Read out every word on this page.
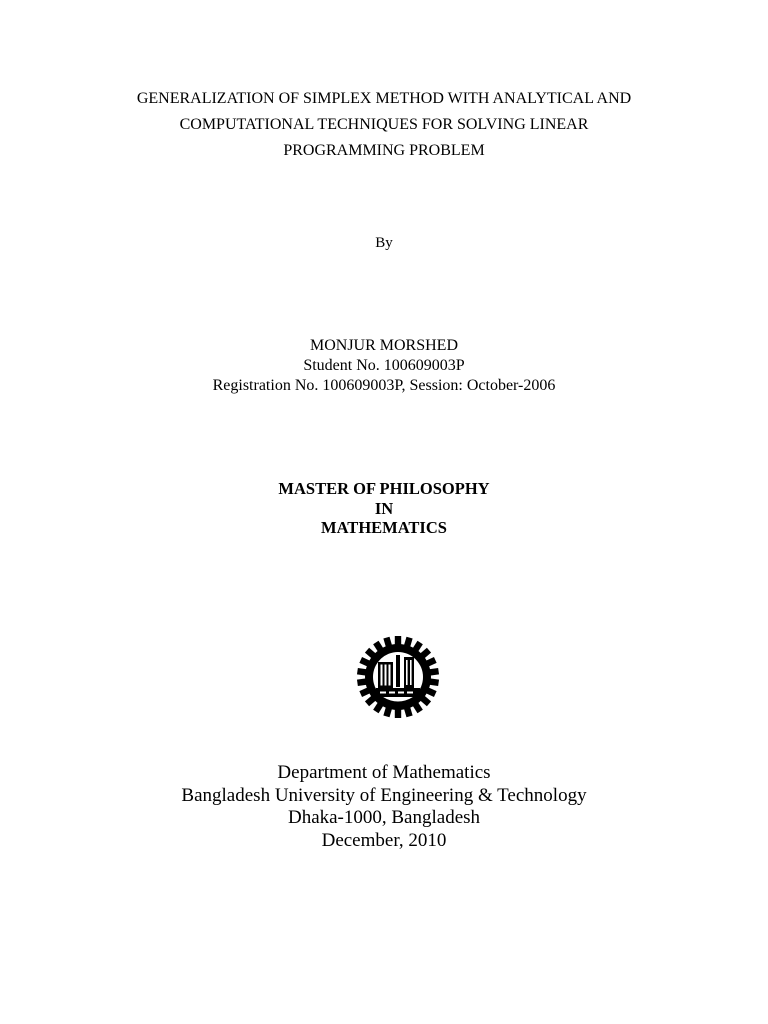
GENERALIZATION OF SIMPLEX METHOD WITH ANALYTICAL AND
COMPUTATIONAL TECHNIQUES FOR SOLVING LINEAR
PROGRAMMING PROBLEM
By
MONJUR MORSHED
Student No. 100609003P
Registration No. 100609003P, Session: October-2006
MASTER OF PHILOSOPHY
IN
MATHEMATICS
Department of Mathematics
Bangladesh University of Engineering & Technology
Dhaka-1000, Bangladesh
December, 2010
